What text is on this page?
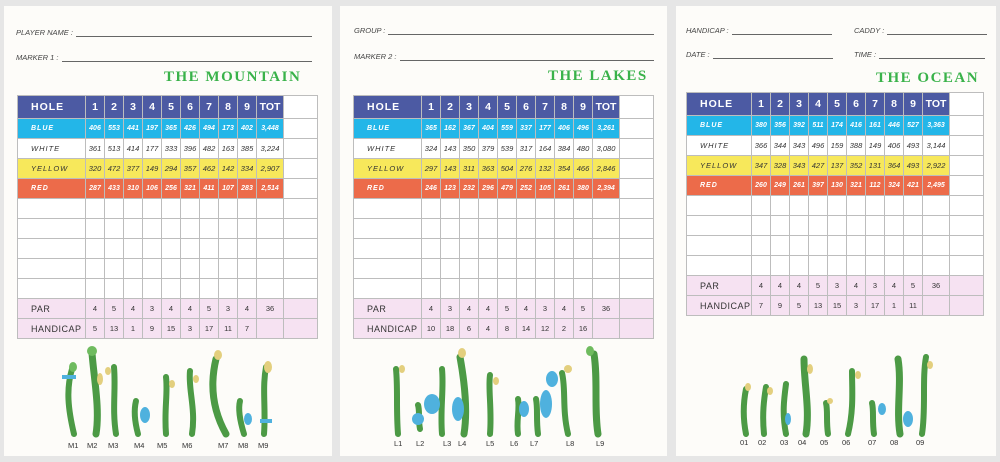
PLAYER NAME :
MARKER 1 :
THE MOUNTAIN
HOLE	1	2	3	4	5	6	7	8	9	TOT	
BLUE	406	553	441	197	365	426	494	173	402	3,448	
WHITE	361	513	414	177	333	396	482	163	385	3,224	
YELLOW	320	472	377	149	294	357	462	142	334	2,907	
RED	287	433	310	106	256	321	411	107	283	2,514	

PAR	4	5	4	3	4	4	5	3	4	36	
HANDICAP	5	13	1	9	15	3	17	11	7		
M1 M2 M3 M4 M5 M6	M7 M8 M9
GROUP :
MARKER 2 :
THE LAKES
HOLE	1	2	3	4	5	6	7	8	9	TOT	
BLUE	365	162	367	404	559	337	177	406	496	3,261	
WHITE	324	143	350	379	539	317	164	384	480	3,080	
YELLOW	297	143	311	363	504	276	132	354	466	2,846	
RED	246	123	232	296	479	252	105	261	380	2,394	

PAR	4	3	4	4	5	4	3	4	5	36	
HANDICAP	10	18	6	4	8	14	12	2	16		
L1 L2 L3 L4	L5 L6 L7	L8	L9
HANDICAP :	CADDY :
DATE :	TIME :
THE OCEAN
HOLE	1	2	3	4	5	6	7	8	9	TOT	
BLUE	380	356	392	511	174	416	161	446	527	3,363	
WHITE	366	344	343	496	159	388	149	406	493	3,144	
YELLOW	347	328	343	427	137	352	131	364	493	2,922	
RED	260	249	261	397	130	321	112	324	421	2,495	

PAR	4	4	4	5	3	4	3	4	5	36	
HANDICAP	7	9	5	13	15	3	17	1	11		
01 02 03 04 05 06 07 08 09
